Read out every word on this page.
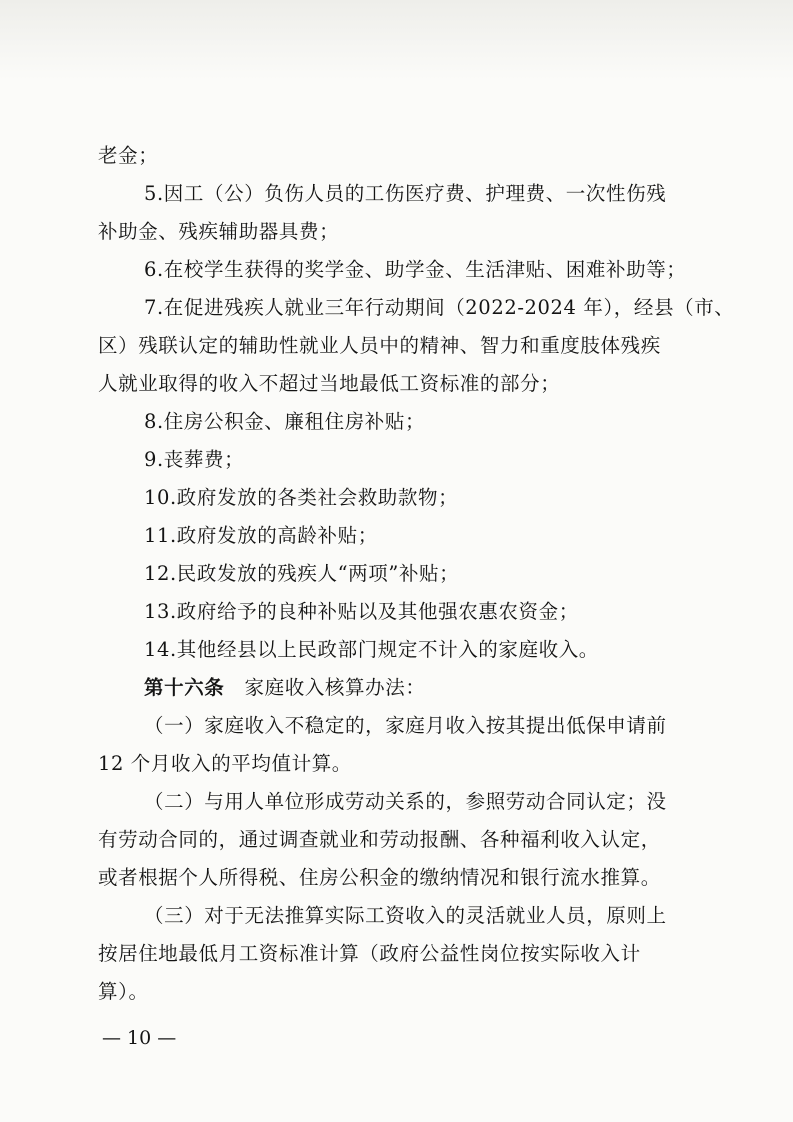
老金；
5.因工（公）负伤人员的工伤医疗费、护理费、一次性伤残
补助金、残疾辅助器具费；
6.在校学生获得的奖学金、助学金、生活津贴、困难补助等；
7.在促进残疾人就业三年行动期间（2022-2024 年），经县（市、
区）残联认定的辅助性就业人员中的精神、智力和重度肢体残疾
人就业取得的收入不超过当地最低工资标准的部分；
8.住房公积金、廉租住房补贴；
9.丧葬费；
10.政府发放的各类社会救助款物；
11.政府发放的高龄补贴；
12.民政发放的残疾人“两项”补贴；
13.政府给予的良种补贴以及其他强农惠农资金；
14.其他经县以上民政部门规定不计入的家庭收入。
第十六条　 家庭收入核算办法：
（一）家庭收入不稳定的，家庭月收入按其提出低保申请前
12 个月收入的平均值计算。
（二）与用人单位形成劳动关系的，参照劳动合同认定；没
有劳动合同的，通过调查就业和劳动报酬、各种福利收入认定，
或者根据个人所得税、住房公积金的缴纳情况和银行流水推算。
（三）对于无法推算实际工资收入的灵活就业人员，原则上
按居住地最低月工资标准计算（政府公益性岗位按实际收入计
算）。
— 10 —
